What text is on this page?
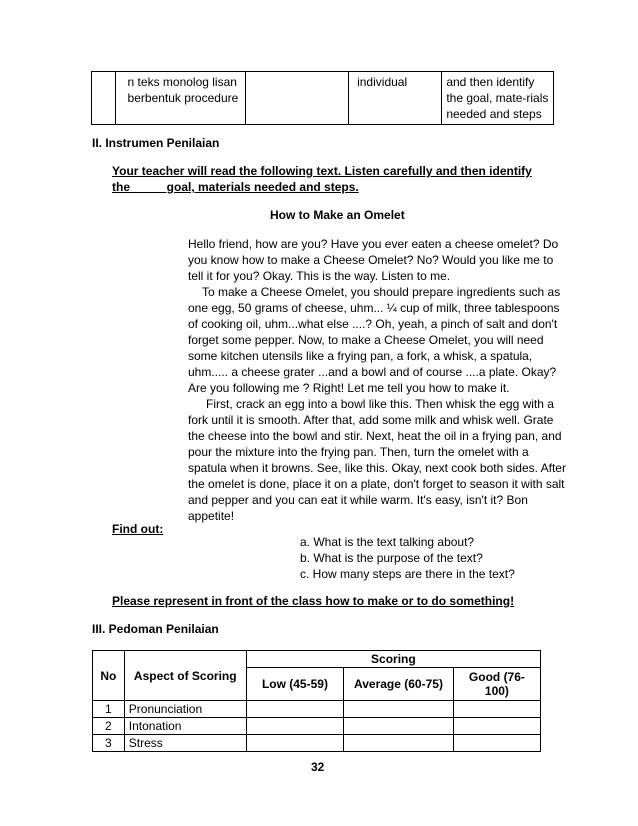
	n teks monolog lisan berbentuk procedure		individual	and then identify the goal, mate-rials needed and steps
II. Instrumen Penilaian
Your teacher will read the following text. Listen carefully and then identify
the           goal, materials needed and steps.
How to Make an Omelet

Hello friend, how are you? Have you ever eaten a cheese omelet? Do you know how to make a Cheese Omelet? No? Would you like me to tell it for you? Okay. This is the way. Listen to me.

To make a Cheese Omelet, you should prepare ingredients such as one egg, 50 grams of cheese, uhm... ¼ cup of milk, three tablespoons of cooking oil, uhm...what else ....? Oh, yeah, a pinch of salt and don't forget some pepper. Now, to make a Cheese Omelet, you will need some kitchen utensils like a frying pan, a fork, a whisk, a spatula, uhm..... a cheese grater ...and a bowl and of course ....a plate. Okay? Are you following me ? Right! Let me tell you how to make it.

First, crack an egg into a bowl like this. Then whisk the egg with a fork until it is smooth. After that, add some milk and whisk well. Grate the cheese into the bowl and stir. Next, heat the oil in a frying pan, and pour the mixture into the frying pan. Then, turn the omelet with a spatula when it browns. See, like this. Okay, next cook both sides. After the omelet is done, place it on a plate, don't forget to season it with salt and pepper and you can eat it while warm. It's easy, isn't it? Bon appetite!

Find out:
a. What is the text talking about?
b. What is the purpose of the text?
c. How many steps are there in the text?
Please represent in front of the class how to make or to do something!
III. Pedoman Penilaian
No	Aspect of Scoring	Scoring		
		Low (45-59)	Average (60-75)	Good (76-100)
1	Pronunciation			
2	Intonation			
3	Stress			
32
